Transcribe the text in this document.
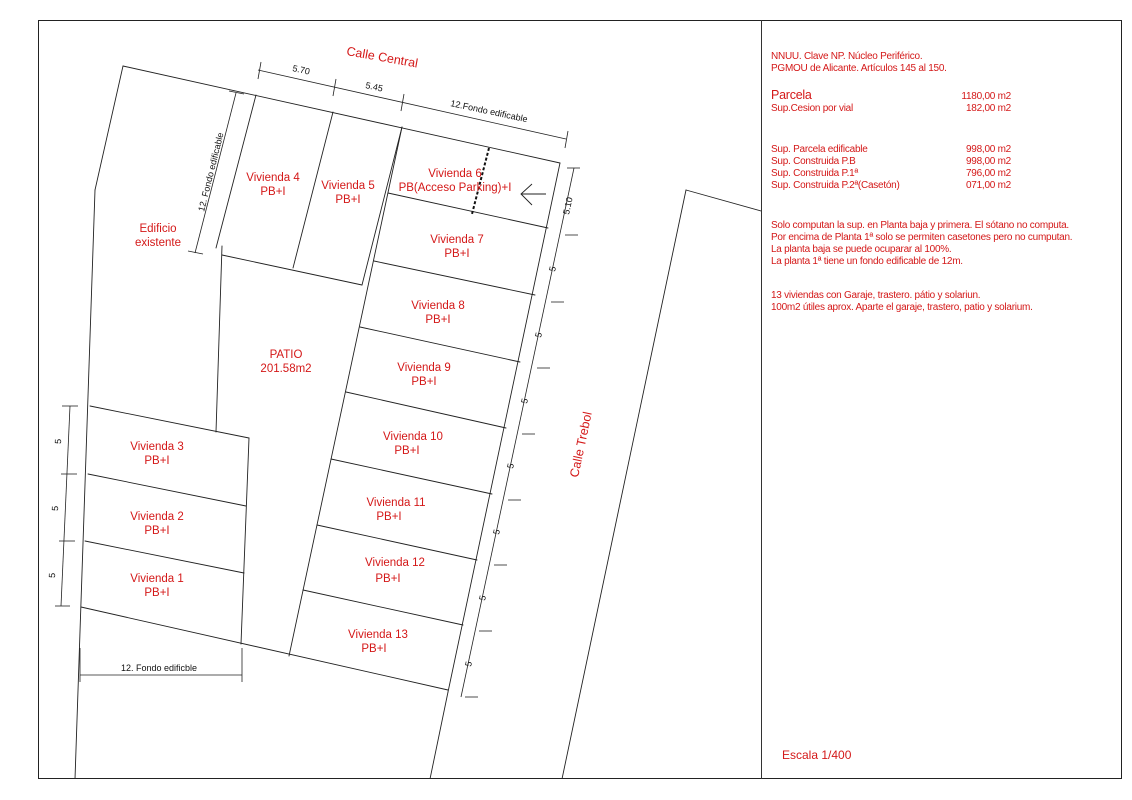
5.70
5.45
12.Fondo edificable
12. Fondo edificable	5.10
5
5
5
5
5
5
5
5
5
5
12. Fondo edificble
Calle Central
Calle Trebol
Edificio
existente
PATIO
201.58m2
Vivienda 1
PB+I
Vivienda 2
PB+I
Vivienda 3
PB+I
Vivienda 4
PB+I	Vivienda 5
PB+I
Vivienda 6
PB(Acceso Parking)+I
Vivienda 7
PB+I
Vivienda 8
PB+I
Vivienda 9
PB+I
Vivienda 10
PB+I
Vivienda 11
PB+I
Vivienda 12
PB+I
Vivienda 13
PB+I

NNUU. Clave NP. Núcleo Periférico.

PGMOU de Alicante. Artículos 145 al 150.

Parcela	1180,00 m2
Sup.Cesion por vial	182,00 m2
Sup. Parcela edificable	998,00 m2
Sup. Construida P.B	998,00 m2
Sup. Construida P.1ª	796,00 m2
Sup. Construida P.2ª(Casetón)	071,00 m2

Solo computan la sup. en Planta baja y primera. El sótano no computa.

Por encima de Planta 1ª solo se permiten casetones pero no cumputan.

La planta baja se puede ocuparar al 100%.

La planta 1ª tiene un fondo edificable de 12m.

13 viviendas con Garaje, trastero. pátio y solariun.

100m2 útiles aprox. Aparte el garaje, trastero, patio y solarium.

Escala 1/400
